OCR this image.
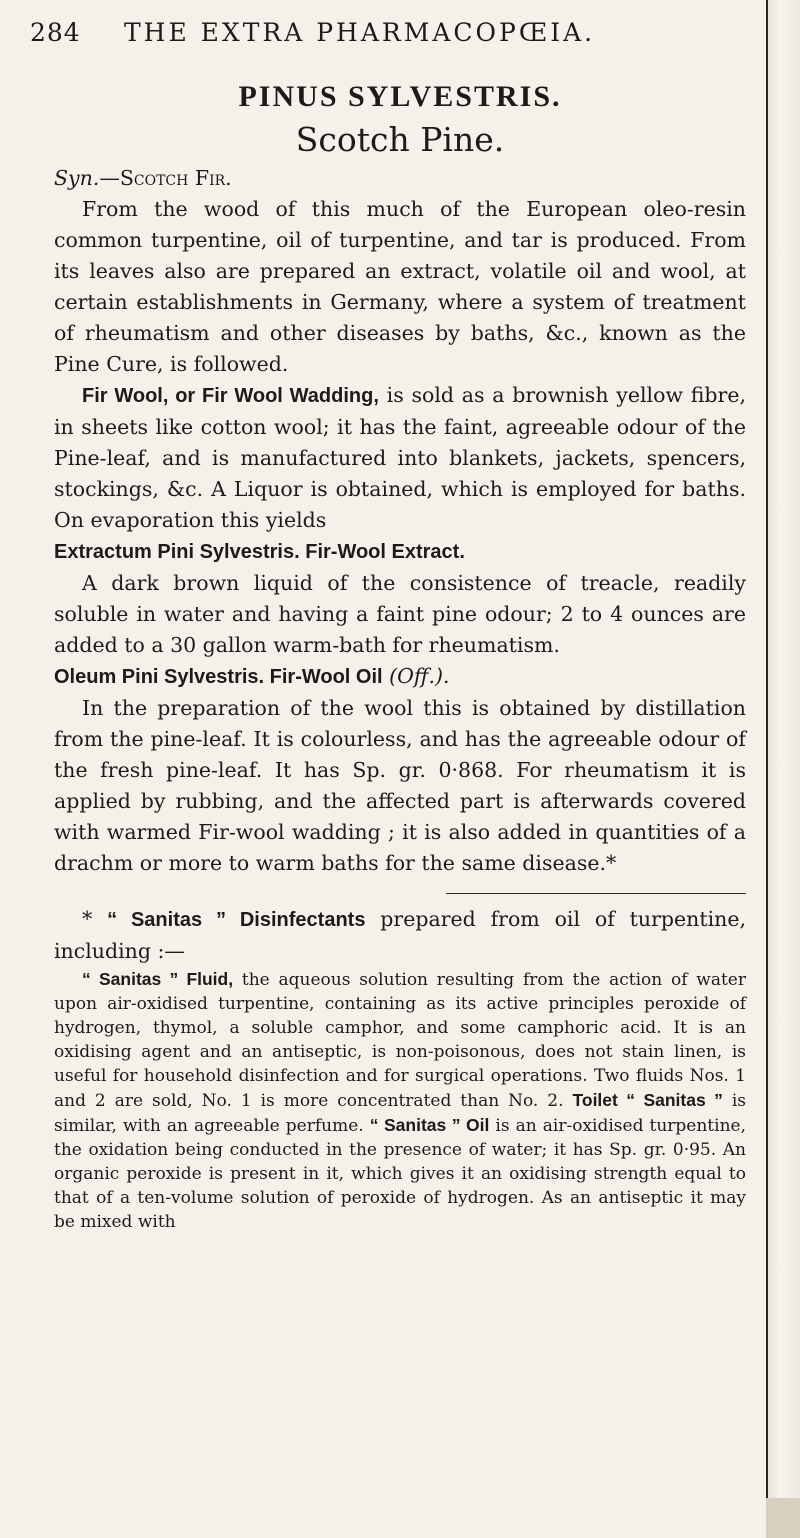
284 THE EXTRA PHARMACOPŒIA.
PINUS SYLVESTRIS.
Scotch Pine.

Syn.—Scotch Fir.

From the wood of this much of the European oleo-resin common turpentine, oil of turpentine, and tar is produced. From its leaves also are prepared an extract, volatile oil and wool, at certain establishments in Germany, where a system of treatment of rheumatism and other diseases by baths, &c., known as the Pine Cure, is followed.

Fir Wool, or Fir Wool Wadding, is sold as a brownish yellow fibre, in sheets like cotton wool; it has the faint, agreeable odour of the Pine-leaf, and is manufactured into blankets, jackets, spencers, stockings, &c. A Liquor is obtained, which is employed for baths. On evaporation this yields

Extractum Pini Sylvestris. Fir-Wool Extract.

A dark brown liquid of the consistence of treacle, readily soluble in water and having a faint pine odour; 2 to 4 ounces are added to a 30 gallon warm-bath for rheumatism.

Oleum Pini Sylvestris. Fir-Wool Oil (Off.).

In the preparation of the wool this is obtained by distillation from the pine-leaf. It is colourless, and has the agreeable odour of the fresh pine-leaf. It has Sp. gr. 0·868. For rheumatism it is applied by rubbing, and the affected part is afterwards covered with warmed Fir-wool wadding ; it is also added in quantities of a drachm or more to warm baths for the same disease.*

* “ Sanitas ” Disinfectants prepared from oil of turpentine, including :—

“ Sanitas ” Fluid, the aqueous solution resulting from the action of water upon air-oxidised turpentine, containing as its active principles peroxide of hydrogen, thymol, a soluble camphor, and some camphoric acid. It is an oxidising agent and an antiseptic, is non-poisonous, does not stain linen, is useful for household disinfection and for surgical operations. Two fluids Nos. 1 and 2 are sold, No. 1 is more concentrated than No. 2. Toilet “ Sanitas ” is similar, with an agreeable perfume. “ Sanitas ” Oil is an air-oxidised turpentine, the oxidation being conducted in the presence of water; it has Sp. gr. 0·95. An organic peroxide is present in it, which gives it an oxidising strength equal to that of a ten-volume solution of peroxide of hydrogen. As an antiseptic it may be mixed with
